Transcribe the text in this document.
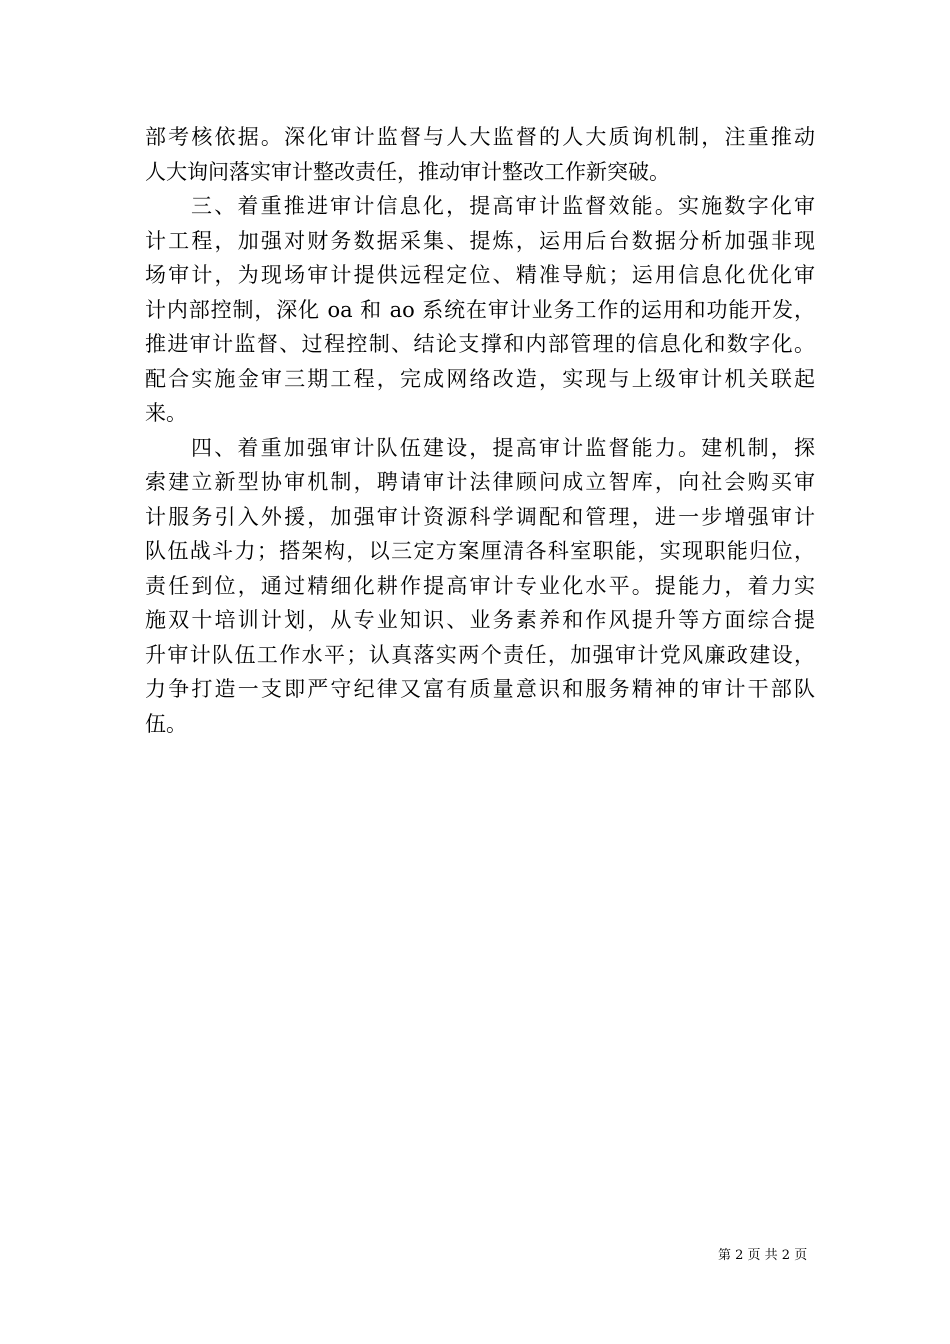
部考核依据。深化审计监督与人大监督的人大质询机制，注重推动
人大询问落实审计整改责任，推动审计整改工作新突破。
三、着重推进审计信息化，提高审计监督效能。实施数字化审
计工程，加强对财务数据采集、提炼，运用后台数据分析加强非现
场审计，为现场审计提供远程定位、精准导航；运用信息化优化审
计内部控制，深化 oa 和 ao 系统在审计业务工作的运用和功能开发，
推进审计监督、过程控制、结论支撑和内部管理的信息化和数字化。
配合实施金审三期工程，完成网络改造，实现与上级审计机关联起
来。
四、着重加强审计队伍建设，提高审计监督能力。建机制，探
索建立新型协审机制，聘请审计法律顾问成立智库，向社会购买审
计服务引入外援，加强审计资源科学调配和管理，进一步增强审计
队伍战斗力；搭架构，以三定方案厘清各科室职能，实现职能归位，
责任到位，通过精细化耕作提高审计专业化水平。提能力，着力实
施双十培训计划，从专业知识、业务素养和作风提升等方面综合提
升审计队伍工作水平；认真落实两个责任，加强审计党风廉政建设，
力争打造一支即严守纪律又富有质量意识和服务精神的审计干部队
伍。
第 2 页 共 2 页
